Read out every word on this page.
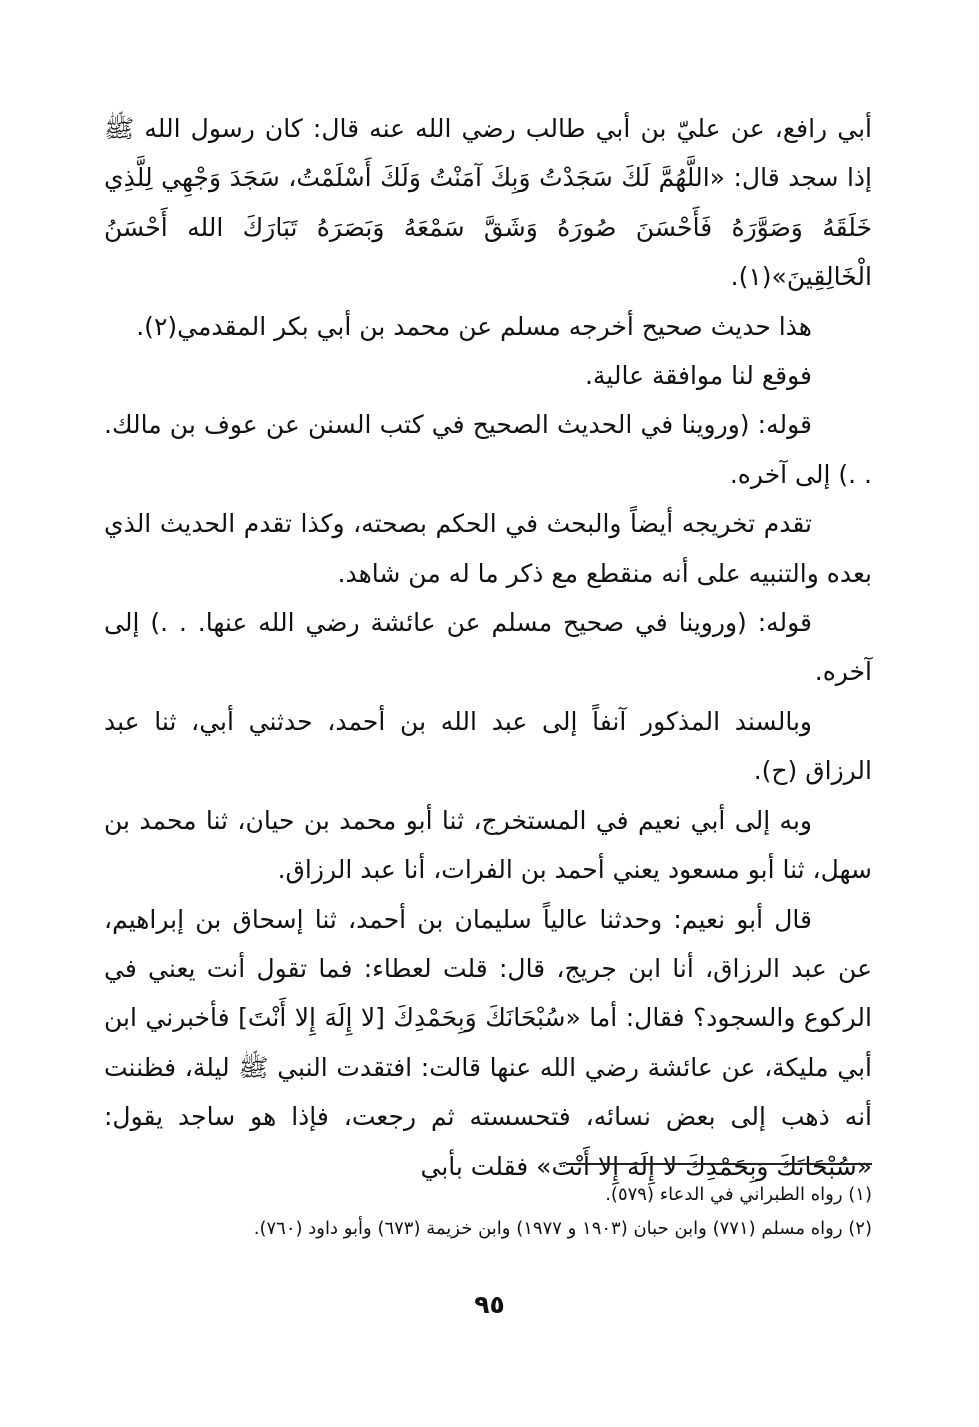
أبي رافع، عن عليّ بن أبي طالب رضي الله عنه قال: كان رسول الله ﷺ إذا سجد قال: «اللَّهُمَّ لَكَ سَجَدْتُ وَبِكَ آمَنْتُ وَلَكَ أَسْلَمْتُ، سَجَدَ وَجْهِي لِلَّذِي خَلَقَهُ وَصَوَّرَهُ فَأَحْسَنَ صُورَهُ وَشَقَّ سَمْعَهُ وَبَصَرَهُ تَبَارَكَ الله أَحْسَنُ الْخَالِقِينَ»(١).

هذا حديث صحيح أخرجه مسلم عن محمد بن أبي بكر المقدمي(٢).

فوقع لنا موافقة عالية.

قوله: (وروينا في الحديث الصحيح في كتب السنن عن عوف بن مالك. . .) إلى آخره.

تقدم تخريجه أيضاً والبحث في الحكم بصحته، وكذا تقدم الحديث الذي بعده والتنبيه على أنه منقطع مع ذكر ما له من شاهد.

قوله: (وروينا في صحيح مسلم عن عائشة رضي الله عنها. . .) إلى آخره.

وبالسند المذكور آنفاً إلى عبد الله بن أحمد، حدثني أبي، ثنا عبد الرزاق (ح).

وبه إلى أبي نعيم في المستخرج، ثنا أبو محمد بن حيان، ثنا محمد بن سهل، ثنا أبو مسعود يعني أحمد بن الفرات، أنا عبد الرزاق.

قال أبو نعيم: وحدثنا عالياً سليمان بن أحمد، ثنا إسحاق بن إبراهيم، عن عبد الرزاق، أنا ابن جريج، قال: قلت لعطاء: فما تقول أنت يعني في الركوع والسجود؟ فقال: أما «سُبْحَانَكَ وَبِحَمْدِكَ [لا إِلَهَ إِلا أَنْتَ] فأخبرني ابن أبي مليكة، عن عائشة رضي الله عنها قالت: افتقدت النبي ﷺ ليلة، فظننت أنه ذهب إلى بعض نسائه، فتحسسته ثم رجعت، فإذا هو ساجد يقول: «سُبْحَانَكَ وَبِحَمْدِكَ لا إِلَهَ إِلا أَنْتَ» فقلت بأبي

(١) رواه الطبراني في الدعاء (٥٧٩).

(٢) رواه مسلم (٧٧١) وابن حبان (١٩٠٣ و ١٩٧٧) وابن خزيمة (٦٧٣) وأبو داود (٧٦٠).

٩٥
